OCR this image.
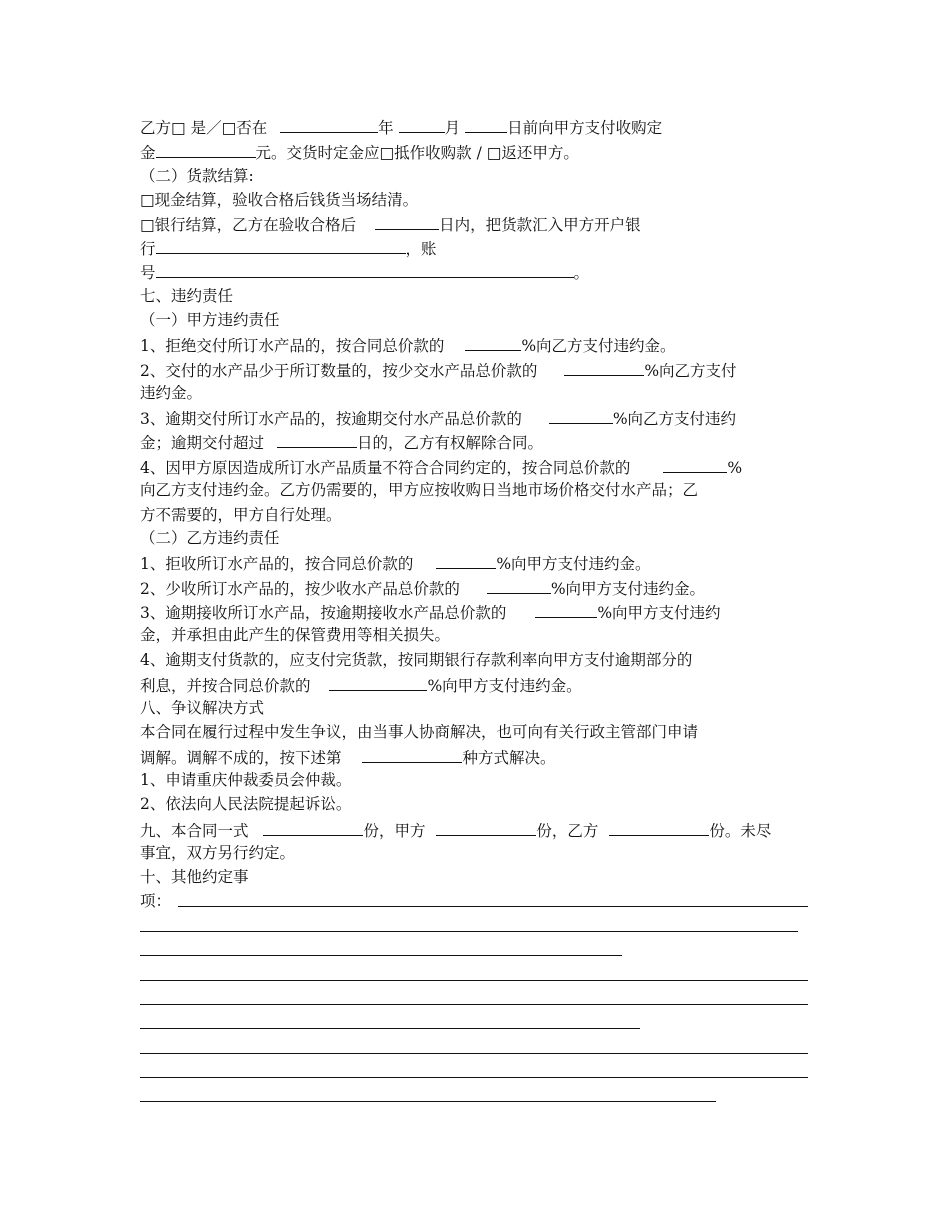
乙方□ 是／□否在	年	月	日前向甲方支付收购定
金	元。交货时定金应□抵作收购款 / □返还甲方。
（二）货款结算:
□现金结算，验收合格后钱货当场结清。
□银行结算，乙方在验收合格后	日内，把货款汇入甲方开户银
行	，账
号	。
七、违约责任
（一）甲方违约责任
1、拒绝交付所订水产品的，按合同总价款的	%向乙方支付违约金。
2、交付的水产品少于所订数量的，按少交水产品总价款的	%向乙方支付
违约金。
3、逾期交付所订水产品的，按逾期交付水产品总价款的	%向乙方支付违约
金；逾期交付超过	日的，乙方有权解除合同。
4、因甲方原因造成所订水产品质量不符合合同约定的，按合同总价款的	%
向乙方支付违约金。乙方仍需要的，甲方应按收购日当地市场价格交付水产品；乙
方不需要的，甲方自行处理。
（二）乙方违约责任
1、拒收所订水产品的，按合同总价款的	%向甲方支付违约金。
2、少收所订水产品的，按少收水产品总价款的	%向甲方支付违约金。
3、逾期接收所订水产品，按逾期接收水产品总价款的	%向甲方支付违约
金，并承担由此产生的保管费用等相关损失。
4、逾期支付货款的，应支付完货款，按同期银行存款利率向甲方支付逾期部分的
利息，并按合同总价款的	%向甲方支付违约金。
八、争议解决方式
本合同在履行过程中发生争议，由当事人协商解决，也可向有关行政主管部门申请
调解。调解不成的，按下述第	种方式解决。
1、申请重庆仲裁委员会仲裁。
2、依法向人民法院提起诉讼。
九、本合同一式	份，甲方	份，乙方	份。未尽
事宜，双方另行约定。
十、其他约定事
项：
